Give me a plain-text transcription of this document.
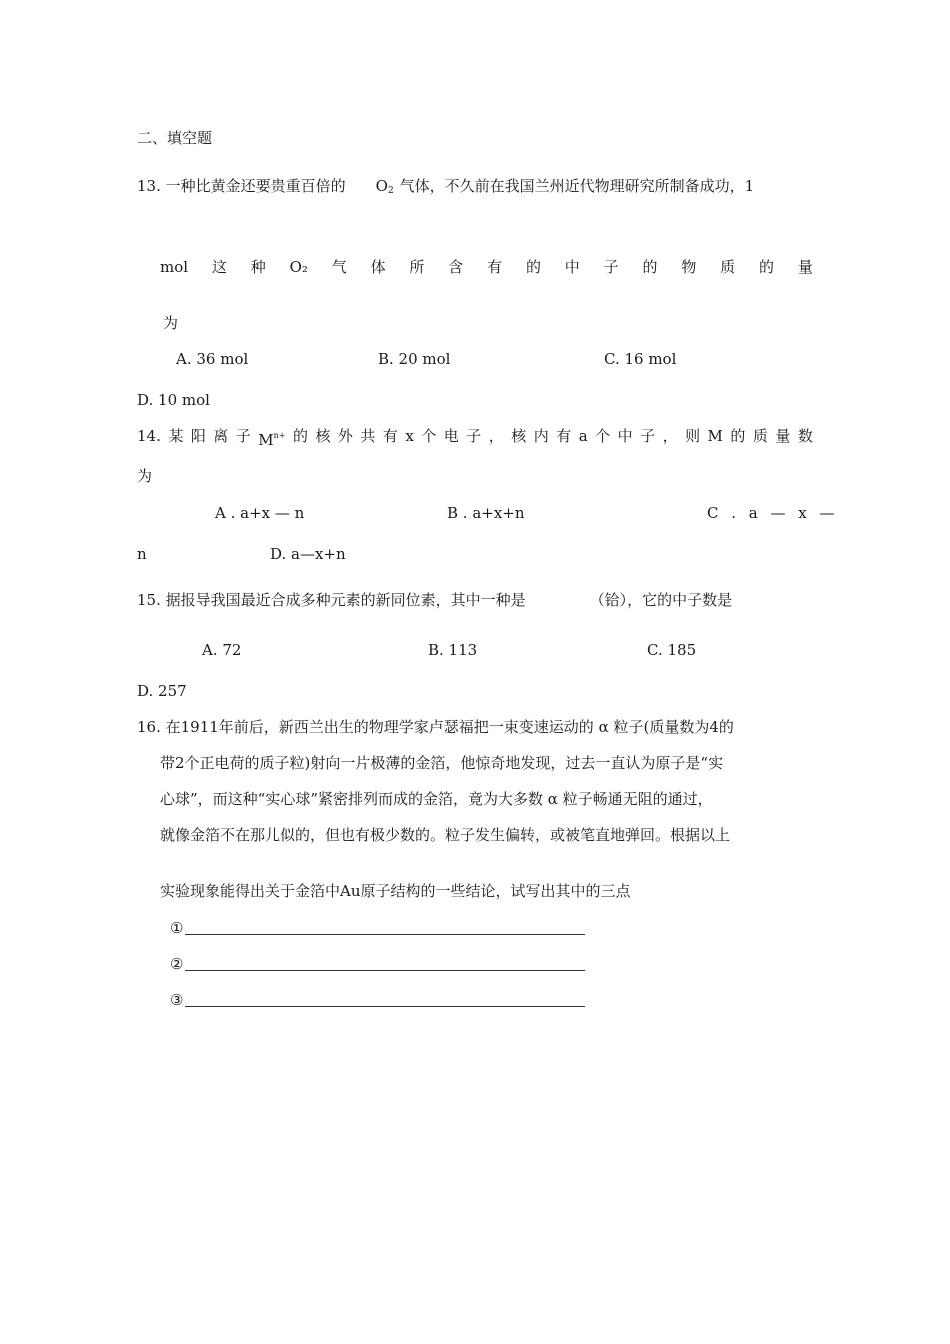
二、填空题
13. 一种比黄金还要贵重百倍的 $O_2$ 气体，不久前在我国兰州近代物理研究所制备成功，1
mol 这 种 O₂ 气 体 所 含 有 的 中 子 的 物 质 的 量
为
A. 36 mol	B. 20 mol	C. 16 mol
D. 10 mol
14. 某 阳 离 子 $M^{n+}$ 的 核 外 共 有 x 个 电 子 ， 核 内 有 a 个 中 子 ， 则 M 的 质 量 数
为
A . a+x — n	B . a+x+n	C . a — x —
n	D. a—x+n
15. 据报导我国最近合成多种元素的新同位素，其中一种是	（铪），它的中子数是
A. 72	B. 113	C. 185
D. 257
16. 在1911年前后，新西兰出生的物理学家卢瑟福把一束变速运动的 α 粒子(质量数为4的
带2个正电荷的质子粒)射向一片极薄的金箔，他惊奇地发现，过去一直认为原子是“实
心球”，而这种“实心球”紧密排列而成的金箔，竟为大多数 α 粒子畅通无阻的通过，
就像金箔不在那儿似的，但也有极少数的。粒子发生偏转，或被笔直地弹回。根据以上
实验现象能得出关于金箔中Au原子结构的一些结论，试写出其中的三点
①
②
③
